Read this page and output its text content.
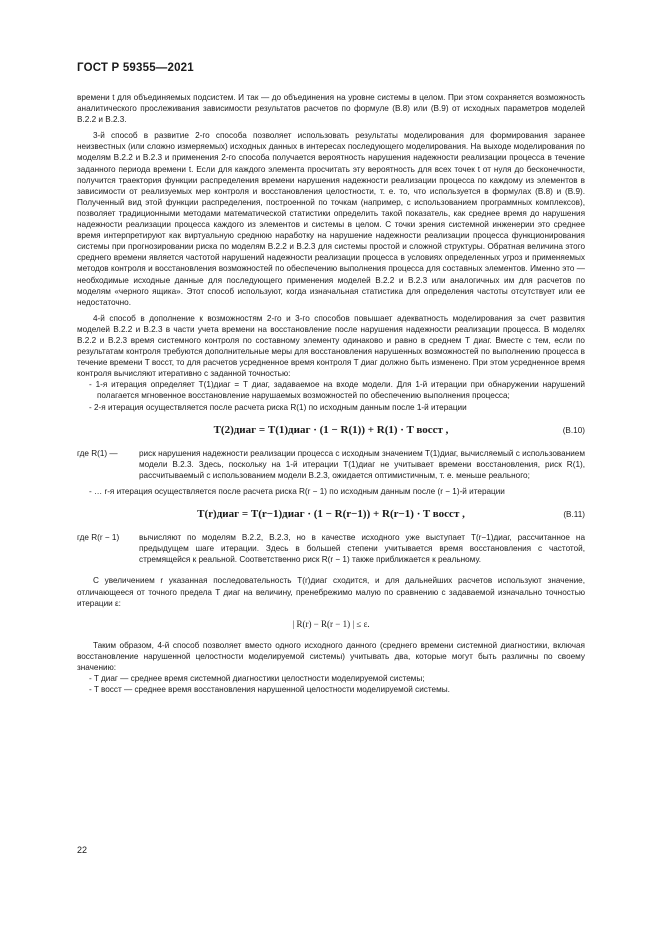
ГОСТ Р 59355—2021

времени t для объединяемых подсистем. И так — до объединения на уровне системы в целом. При этом сохраняется возможность аналитического прослеживания зависимости результатов расчетов по формуле (В.8) или (В.9) от исходных параметров моделей В.2.2 и В.2.3.

3-й способ в развитие 2-го способа позволяет использовать результаты моделирования для формирования заранее неизвестных (или сложно измеряемых) исходных данных в интересах последующего моделирования. На выходе моделирования по моделям В.2.2 и В.2.3 и применения 2-го способа получается вероятность нарушения надежности реализации процесса в течение заданного периода времени t. Если для каждого элемента просчитать эту вероятность для всех точек t от нуля до бесконечности, получится траектория функции распределения времени нарушения надежности реализации процесса по каждому из элементов в зависимости от реализуемых мер контроля и восстановления целостности, т. е. то, что используется в формулах (В.8) и (В.9). Полученный вид этой функции распределения, построенной по точкам (например, с использованием программных комплексов), позволяет традиционными методами математической статистики определить такой показатель, как среднее время до нарушения надежности реализации процесса каждого из элементов и системы в целом. С точки зрения системной инженерии это среднее время интерпретируют как виртуальную среднюю наработку на нарушение надежности реализации процесса функционирования системы при прогнозировании риска по моделям В.2.2 и В.2.3 для системы простой и сложной структуры. Обратная величина этого среднего времени является частотой нарушений надежности реализации процесса в условиях определенных угроз и применяемых методов контроля и восстановления возможностей по обеспечению выполнения процесса для составных элементов. Именно это — необходимые исходные данные для последующего применения моделей В.2.2 и В.2.3 или аналогичных им для расчетов по моделям «черного ящика». Этот способ используют, когда изначальная статистика для определения частоты отсутствует или ее недостаточно.

4-й способ в дополнение к возможностям 2-го и 3-го способов повышает адекватность моделирования за счет развития моделей В.2.2 и В.2.3 в части учета времени на восстановление после нарушения надежности реализации процесса. В моделях В.2.2 и В.2.3 время системного контроля по составному элементу одинаково и равно в среднем T диаг. Вместе с тем, если по результатам контроля требуются дополнительные меры для восстановления нарушенных возможностей по выполнению процесса в течение времени T восст, то для расчетов усредненное время контроля T диаг должно быть изменено. При этом усредненное время контроля вычисляют итеративно с заданной точностью:

- 1-я итерация определяет T(1)диаг = T диаг, задаваемое на входе модели. Для 1-й итерации при обнаружении нарушений полагается мгновенное восстановление нарушаемых возможностей по обеспечению выполнения процесса;

- 2-я итерация осуществляется после расчета риска R(1) по исходным данным после 1-й итерации

T(2)диаг = T(1)диаг · (1 − R(1)) + R(1) · T восст ,	(В.10)
где R(1) —	риск нарушения надежности реализации процесса с исходным значением T(1)диаг, вычисляемый с использованием модели В.2.3. Здесь, поскольку на 1-й итерации T(1)диаг не учитывает времени восстановления, риск R(1), рассчитываемый с использованием модели В.2.3, ожидается оптимистичным, т. е. меньше реального;

- … r-я итерация осуществляется после расчета риска R(r − 1) по исходным данным после (r − 1)-й итерации

T(r)диаг = T(r−1)диаг · (1 − R(r−1)) + R(r−1) · T восст ,	(В.11)
где R(r − 1)	вычисляют по моделям В.2.2, В.2.3, но в качестве исходного уже выступает T(r−1)диаг, рассчитанное на предыдущем шаге итерации. Здесь в большей степени учитывается время восстановления с частотой, стремящейся к реальной. Соответственно риск R(r − 1) также приближается к реальному.

С увеличением r указанная последовательность T(r)диаг сходится, и для дальнейших расчетов используют значение, отличающееся от точного предела T диаг на величину, пренебрежимо малую по сравнению с задаваемой изначально точностью итерации ε:

| R(r) − R(r − 1) | ≤ ε.

Таким образом, 4-й способ позволяет вместо одного исходного данного (среднего времени системной диагностики, включая восстановление нарушенной целостности моделируемой системы) учитывать два, которые могут быть различны по своему значению:

- T диаг — среднее время системной диагностики целостности моделируемой системы;

- T восст — среднее время восстановления нарушенной целостности моделируемой системы.

22
